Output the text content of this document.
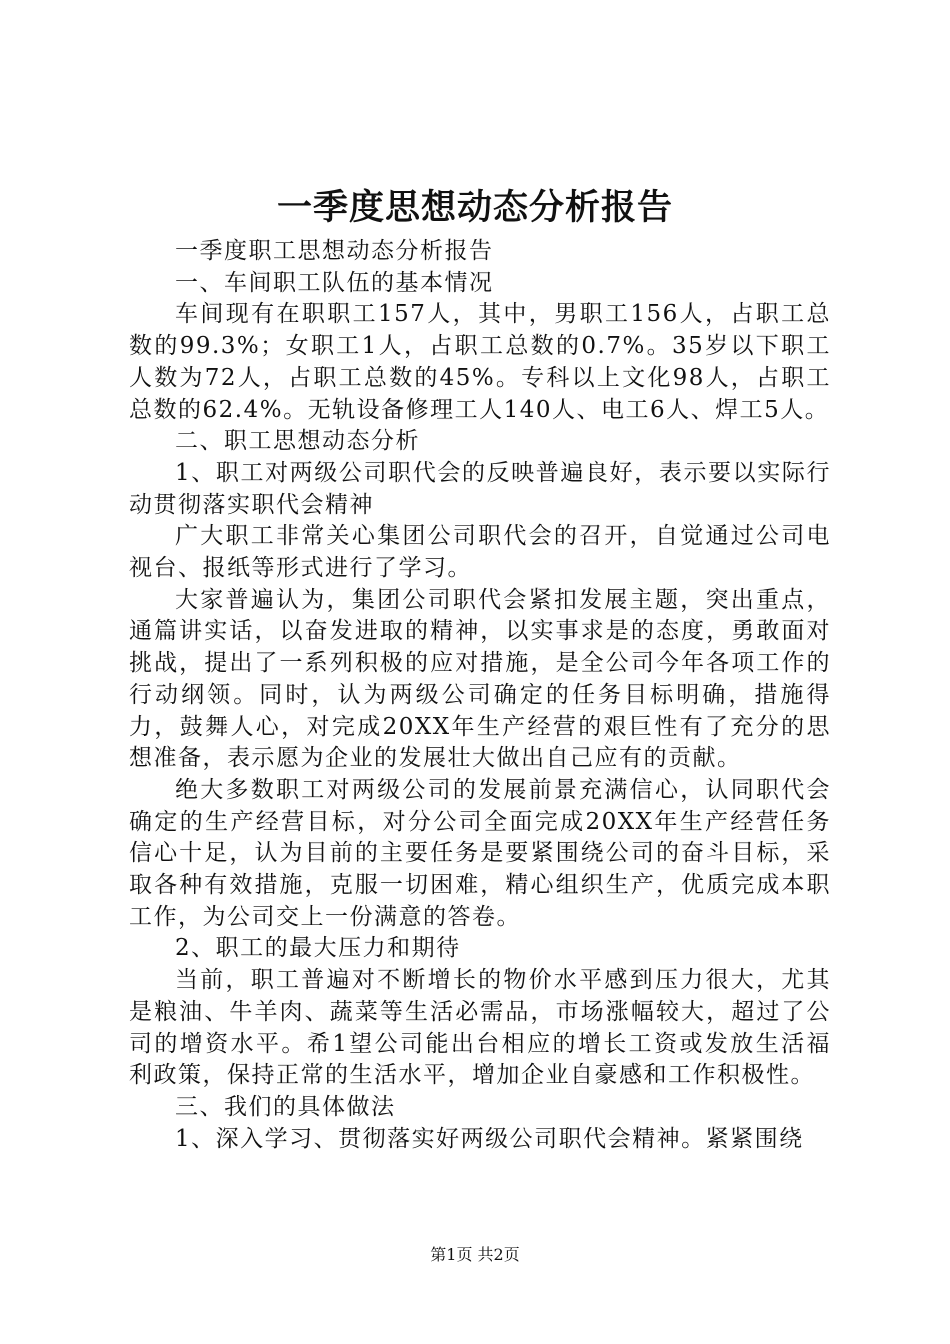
一季度思想动态分析报告

一季度职工思想动态分析报告

一、车间职工队伍的基本情况

车间现有在职职工157人，其中，男职工156人，占职工总数的99.3%；女职工1人，占职工总数的0.7%。35岁以下职工人数为72人，占职工总数的45%。专科以上文化98人，占职工总数的62.4%。无轨设备修理工人140人、电工6人、焊工5人。

二、职工思想动态分析

1、职工对两级公司职代会的反映普遍良好，表示要以实际行动贯彻落实职代会精神

广大职工非常关心集团公司职代会的召开，自觉通过公司电视台、报纸等形式进行了学习。

大家普遍认为，集团公司职代会紧扣发展主题，突出重点，通篇讲实话，以奋发进取的精神，以实事求是的态度，勇敢面对挑战，提出了一系列积极的应对措施，是全公司今年各项工作的行动纲领。同时，认为两级公司确定的任务目标明确，措施得力，鼓舞人心，对完成20XX年生产经营的艰巨性有了充分的思想准备，表示愿为企业的发展壮大做出自己应有的贡献。

绝大多数职工对两级公司的发展前景充满信心，认同职代会确定的生产经营目标，对分公司全面完成20XX年生产经营任务信心十足，认为目前的主要任务是要紧围绕公司的奋斗目标，采取各种有效措施，克服一切困难，精心组织生产，优质完成本职工作，为公司交上一份满意的答卷。

2、职工的最大压力和期待

当前，职工普遍对不断增长的物价水平感到压力很大，尤其是粮油、牛羊肉、蔬菜等生活必需品，市场涨幅较大，超过了公司的增资水平。希1望公司能出台相应的增长工资或发放生活福利政策，保持正常的生活水平，增加企业自豪感和工作积极性。

三、我们的具体做法

1、深入学习、贯彻落实好两级公司职代会精神。紧紧围绕

第1页 共2页
